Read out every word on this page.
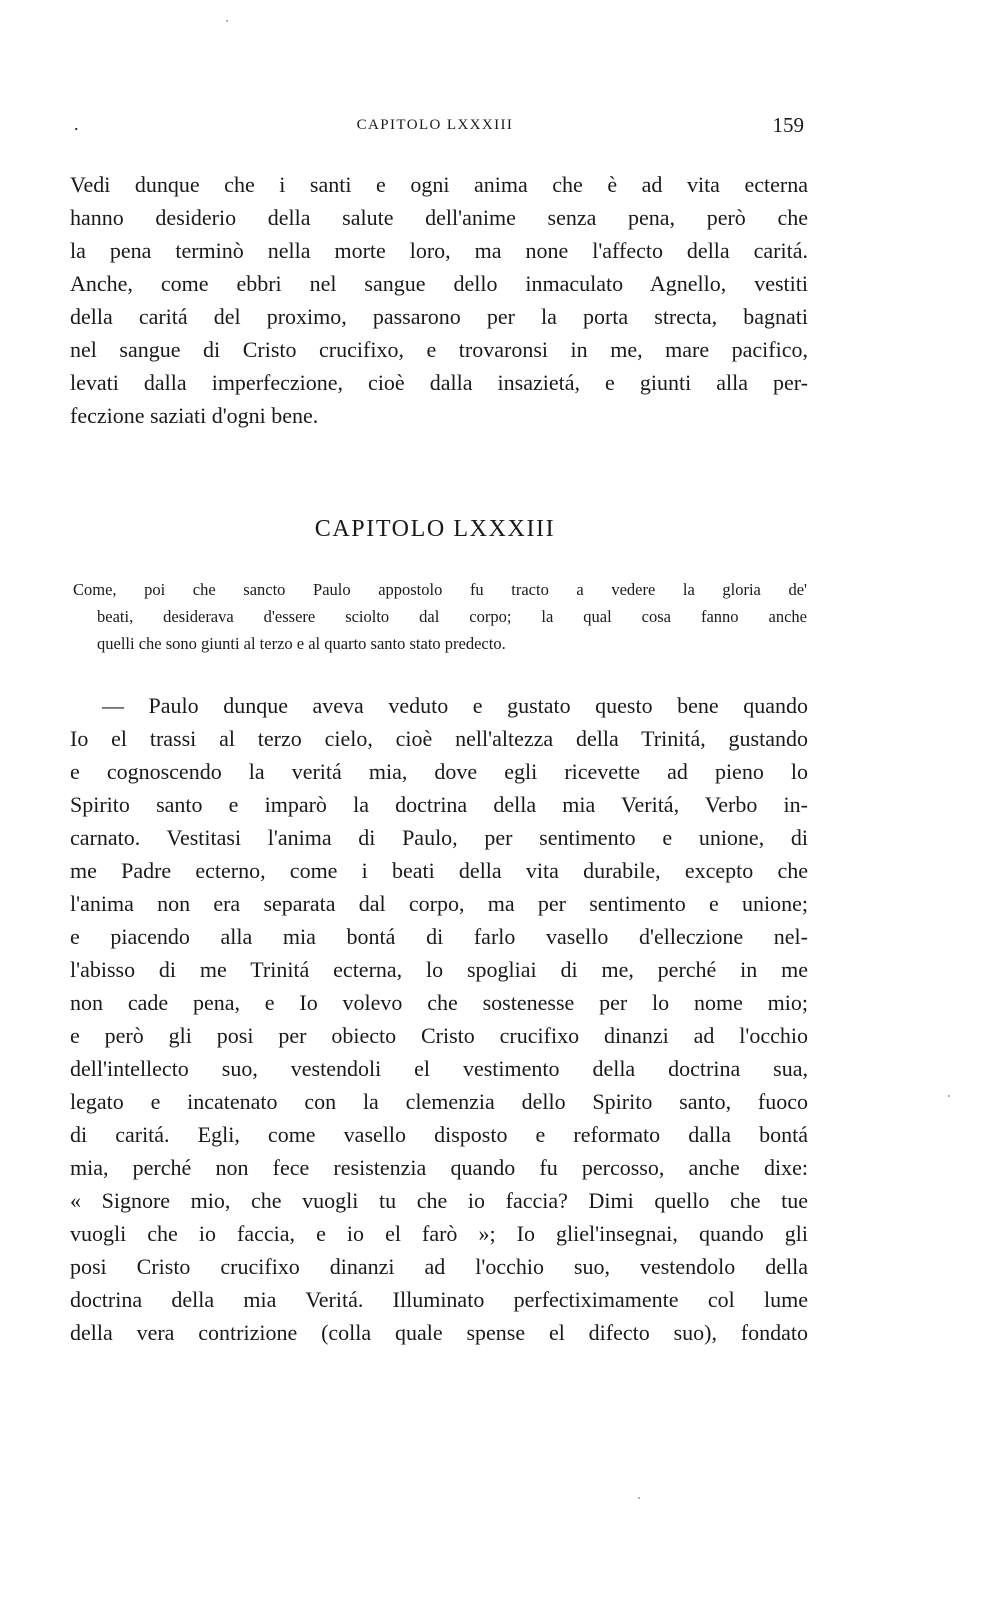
.	CAPITOLO LXXXIII	159
Vedi dunque che i santi e ogni anima che è ad vita ecterna
hanno desiderio della salute dell'anime senza pena, però che
la pena terminò nella morte loro, ma none l'affecto della caritá.
Anche, come ebbri nel sangue dello inmaculato Agnello, vestiti
della caritá del proximo, passarono per la porta strecta, bagnati
nel sangue di Cristo crucifixo, e trovaronsi in me, mare pacifico,
levati dalla imperfeczione, cioè dalla insazietá, e giunti alla per-
feczione saziati d'ogni bene.
CAPITOLO LXXXIII
Come, poi che sancto Paulo appostolo fu tracto a vedere la gloria de'
beati, desiderava d'essere sciolto dal corpo; la qual cosa fanno anche
quelli che sono giunti al terzo e al quarto santo stato predecto.
— Paulo dunque aveva veduto e gustato questo bene quando
Io el trassi al terzo cielo, cioè nell'altezza della Trinitá, gustando
e cognoscendo la veritá mia, dove egli ricevette ad pieno lo
Spirito santo e imparò la doctrina della mia Veritá, Verbo in-
carnato. Vestitasi l'anima di Paulo, per sentimento e unione, di
me Padre ecterno, come i beati della vita durabile, excepto che
l'anima non era separata dal corpo, ma per sentimento e unione;
e piacendo alla mia bontá di farlo vasello d'elleczione nel-
l'abisso di me Trinitá ecterna, lo spogliai di me, perché in me
non cade pena, e Io volevo che sostenesse per lo nome mio;
e però gli posi per obiecto Cristo crucifixo dinanzi ad l'occhio
dell'intellecto suo, vestendoli el vestimento della doctrina sua,
legato e incatenato con la clemenzia dello Spirito santo, fuoco
di caritá. Egli, come vasello disposto e reformato dalla bontá
mia, perché non fece resistenzia quando fu percosso, anche dixe:
« Signore mio, che vuogli tu che io faccia? Dimi quello che tue
vuogli che io faccia, e io el farò »; Io gliel'insegnai, quando gli
posi Cristo crucifixo dinanzi ad l'occhio suo, vestendolo della
doctrina della mia Veritá. Illuminato perfectiximamente col lume
della vera contrizione (colla quale spense el difecto suo), fondato
